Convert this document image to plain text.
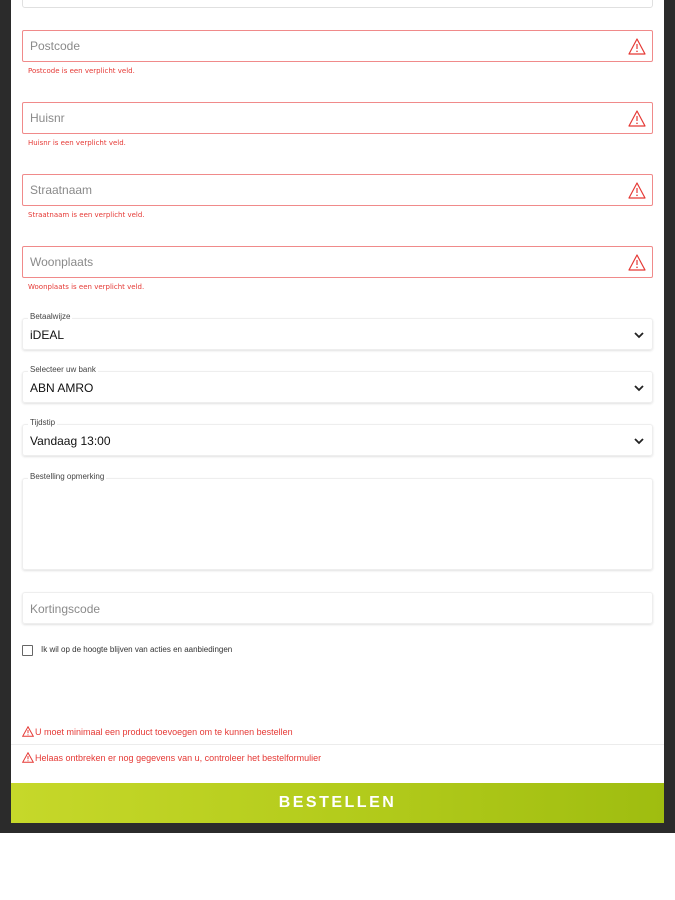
Postcode
Postcode is een verplicht veld.
Huisnr
Huisnr is een verplicht veld.
Straatnaam
Straatnaam is een verplicht veld.
Woonplaats
Woonplaats is een verplicht veld.
Betaalwijze
iDEAL
Selecteer uw bank
ABN AMRO
Tijdstip
Vandaag 13:00
Bestelling opmerking
Kortingscode
Ik wil op de hoogte blijven van acties en aanbiedingen
U moet minimaal een product toevoegen om te kunnen bestellen
Helaas ontbreken er nog gegevens van u, controleer het bestelformulier
BESTELLEN
